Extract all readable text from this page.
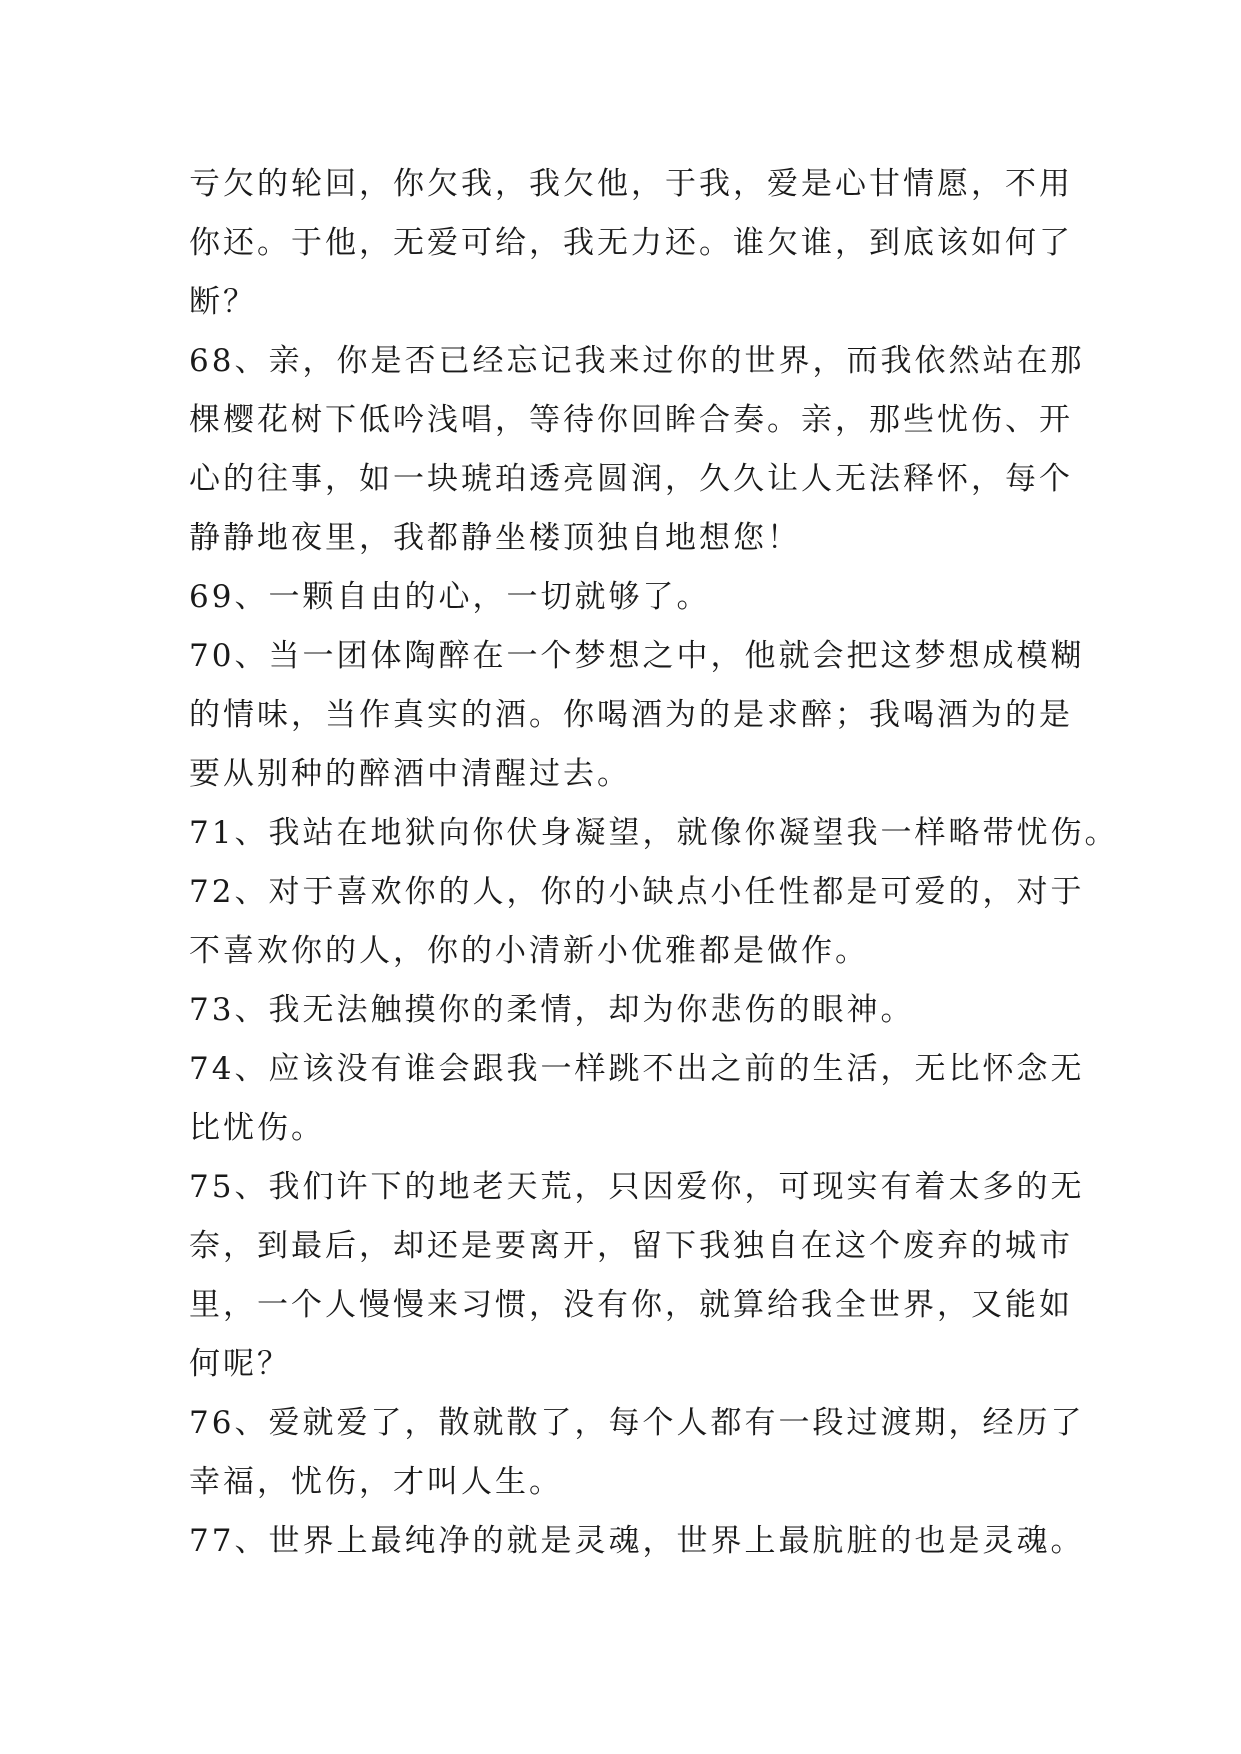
亏欠的轮回，你欠我，我欠他，于我，爱是心甘情愿，不用
你还。于他，无爱可给，我无力还。谁欠谁，到底该如何了
断？
68、亲，你是否已经忘记我来过你的世界，而我依然站在那
棵樱花树下低吟浅唱，等待你回眸合奏。亲，那些忧伤、开
心的往事，如一块琥珀透亮圆润，久久让人无法释怀，每个
静静地夜里，我都静坐楼顶独自地想您！
69、一颗自由的心，一切就够了。
70、当一团体陶醉在一个梦想之中，他就会把这梦想成模糊
的情味，当作真实的酒。你喝酒为的是求醉；我喝酒为的是
要从别种的醉酒中清醒过去。
71、我站在地狱向你伏身凝望，就像你凝望我一样略带忧伤。
72、对于喜欢你的人，你的小缺点小任性都是可爱的，对于
不喜欢你的人，你的小清新小优雅都是做作。
73、我无法触摸你的柔情，却为你悲伤的眼神。
74、应该没有谁会跟我一样跳不出之前的生活，无比怀念无
比忧伤。
75、我们许下的地老天荒，只因爱你，可现实有着太多的无
奈，到最后，却还是要离开，留下我独自在这个废弃的城市
里，一个人慢慢来习惯，没有你，就算给我全世界，又能如
何呢？
76、爱就爱了，散就散了，每个人都有一段过渡期，经历了
幸福，忧伤，才叫人生。
77、世界上最纯净的就是灵魂，世界上最肮脏的也是灵魂。
